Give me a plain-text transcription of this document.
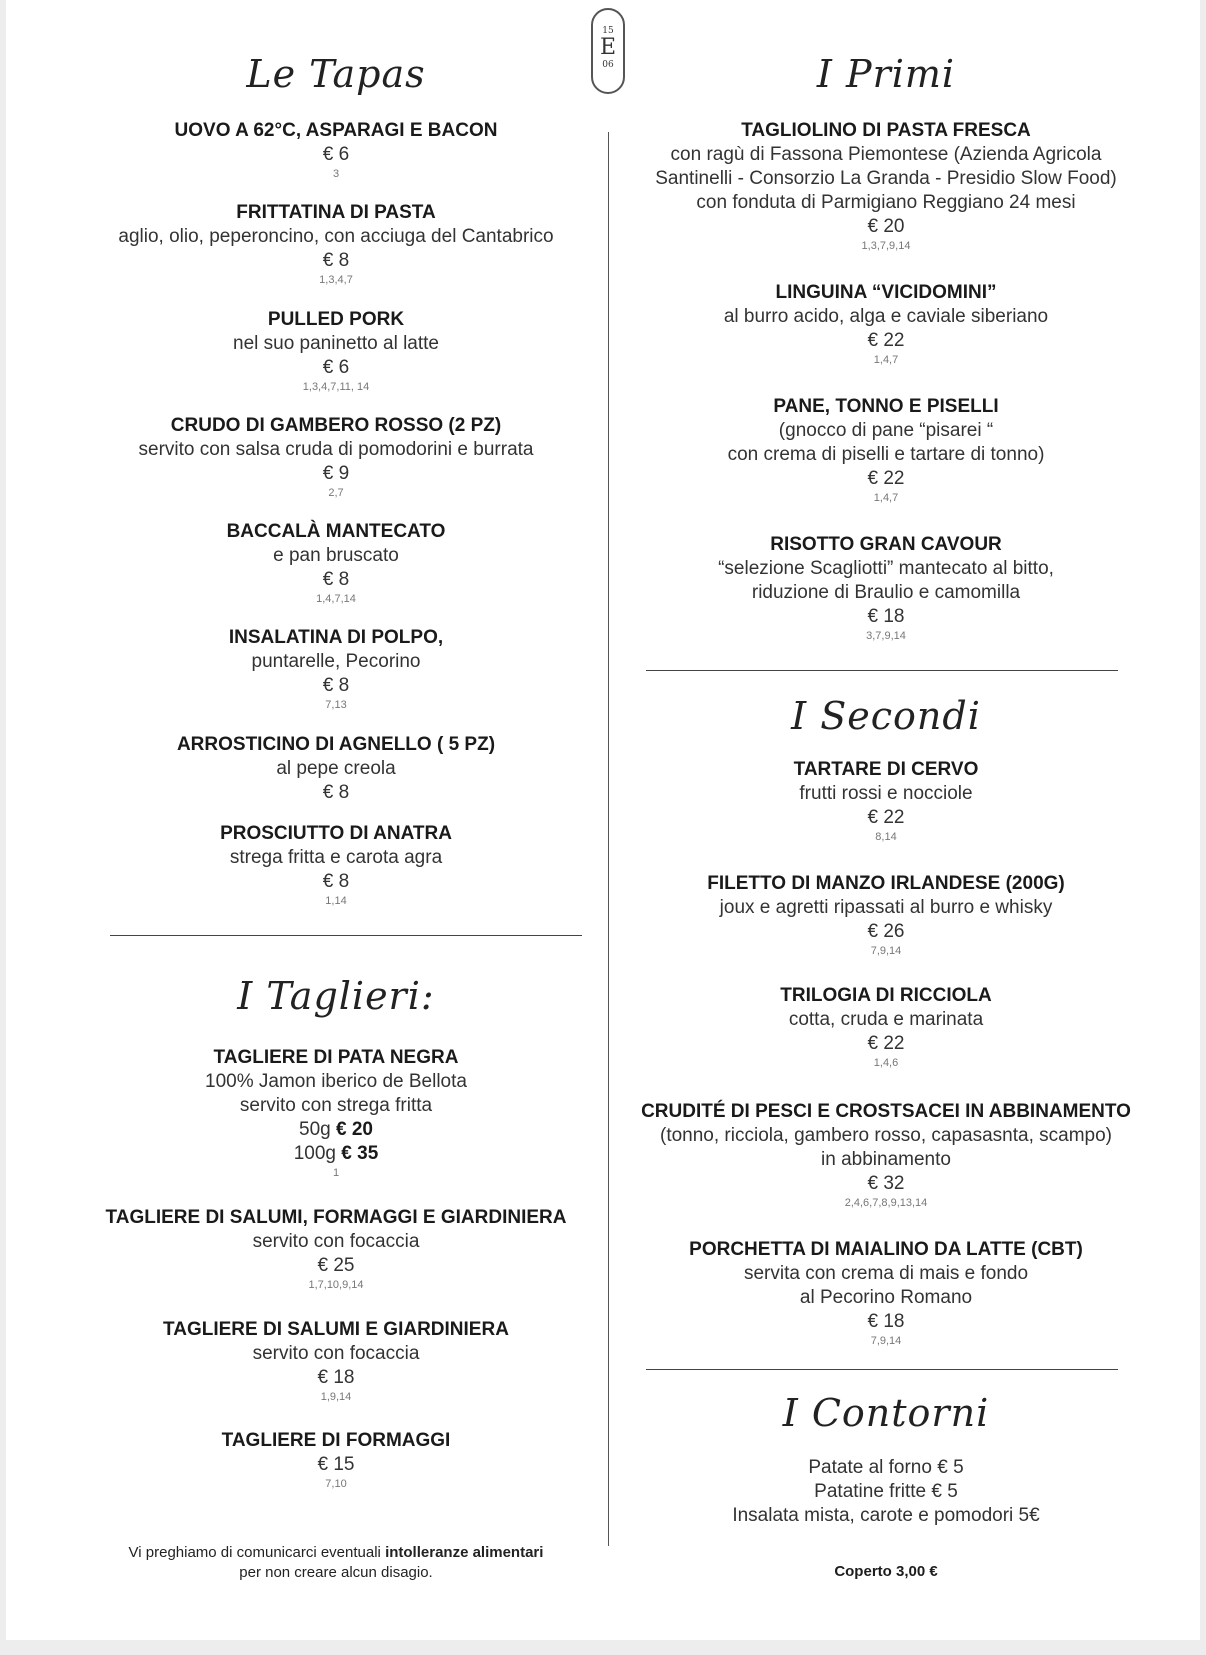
15
E
06
Le Tapas
UOVO A 62°C, ASPARAGI E BACON
€ 6
3
FRITTATINA DI PASTA
aglio, olio, peperoncino, con acciuga del Cantabrico
€ 8
1,3,4,7
PULLED PORK
nel suo paninetto al latte
€ 6
1,3,4,7,11, 14
CRUDO DI GAMBERO ROSSO (2 PZ)
servito con salsa cruda di pomodorini e burrata
€ 9
2,7
BACCALÀ MANTECATO
e pan bruscato
€ 8
1,4,7,14
INSALATINA DI POLPO,
puntarelle, Pecorino
€ 8
7,13
ARROSTICINO DI AGNELLO ( 5 PZ)
al pepe creola
€ 8
PROSCIUTTO DI ANATRA
strega fritta e carota agra
€ 8
1,14
I Taglieri:
TAGLIERE DI PATA NEGRA
100% Jamon iberico de Bellota
servito con strega fritta
50g € 20
100g € 35
1
TAGLIERE DI SALUMI, FORMAGGI E GIARDINIERA
servito con focaccia
€ 25
1,7,10,9,14
TAGLIERE DI SALUMI E GIARDINIERA
servito con focaccia
€ 18
1,9,14
TAGLIERE DI FORMAGGI
€ 15
7,10
Vi preghiamo di comunicarci eventuali intolleranze alimentari
per non creare alcun disagio.
I Primi
TAGLIOLINO DI PASTA FRESCA
con ragù di Fassona Piemontese (Azienda Agricola
Santinelli - Consorzio La Granda - Presidio Slow Food)
con fonduta di Parmigiano Reggiano 24 mesi
€ 20
1,3,7,9,14
LINGUINA “VICIDOMINI”
al burro acido, alga e caviale siberiano
€ 22
1,4,7
PANE, TONNO E PISELLI
(gnocco di pane “pisarei “
con crema di piselli e tartare di tonno)
€ 22
1,4,7
RISOTTO GRAN CAVOUR
“selezione Scagliotti” mantecato al bitto,
riduzione di Braulio e camomilla
€ 18
3,7,9,14
I Secondi
TARTARE DI CERVO
frutti rossi e nocciole
€ 22
8,14
FILETTO DI MANZO IRLANDESE (200G)
joux e agretti ripassati al burro e whisky
€ 26
7,9,14
TRILOGIA DI RICCIOLA
cotta, cruda e marinata
€ 22
1,4,6
CRUDITÉ DI PESCI E CROSTSACEI IN ABBINAMENTO
(tonno, ricciola, gambero rosso, capasasnta, scampo)
in abbinamento
€ 32
2,4,6,7,8,9,13,14
PORCHETTA DI MAIALINO DA LATTE (CBT)
servita con crema di mais e fondo
al Pecorino Romano
€ 18
7,9,14
I Contorni
Patate al forno € 5
Patatine fritte € 5
Insalata mista, carote e pomodori 5€
Coperto 3,00 €
